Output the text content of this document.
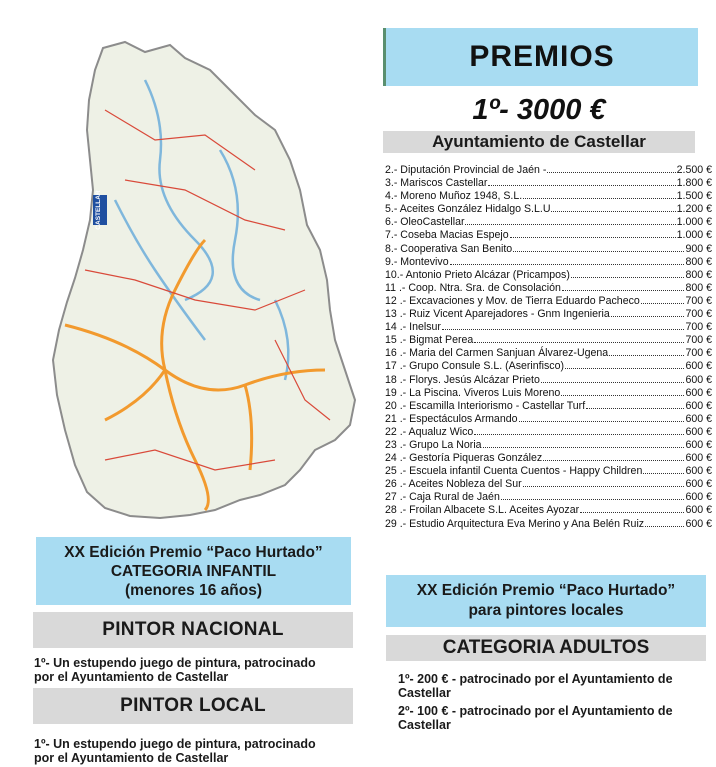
CASTELLAR
PREMIOS
1º- 3000 €
Ayuntamiento de Castellar
2.- Diputación Provincial de Jaén -	2.500 €
3.- Mariscos Castellar	1.800 €
4.- Moreno Muñoz 1948, S.L.	1.500 €
5.- Aceites González Hidalgo S.L.U	1.200 €
6.- OleoCastellar	1.000 €
7.- Coseba Macias Espejo	1.000 €
8.- Cooperativa San Benito	900 €
9.- Montevivo	800 €
10.- Antonio Prieto Alcázar (Pricampos)	800 €
11 .- Coop. Ntra. Sra. de Consolación	800 €
12 .- Excavaciones y Mov. de Tierra Eduardo Pacheco	700 €
13 .- Ruiz Vicent Aparejadores - Gnm Ingenieria	700 €
14 .- Inelsur	700 €
15 .- Bigmat Perea	700 €
16 .- Maria del Carmen Sanjuan Álvarez-Ugena	700 €
17 .- Grupo Consule S.L. (Aserinfisco)	600 €
18 .- Florys. Jesús Alcázar Prieto	600 €
19 .- La Piscina. Viveros Luis Moreno	600 €
20 .- Escamilla Interiorismo - Castellar Turf	600 €
21 .- Espectáculos Armando	600 €
22 .- Aqualuz Wico	600 €
23 .- Grupo La Noria	600 €
24 .- Gestoría Piqueras González	600 €
25 .- Escuela infantil Cuenta Cuentos - Happy Children	600 €
26 .- Aceites Nobleza del Sur	600 €
27 .- Caja Rural de Jaén	600 €
28 .- Froilan Albacete S.L. Aceites Ayozar	600 €
29 .- Estudio Arquitectura Eva Merino y Ana Belén Ruiz	600 €
XX Edición Premio “Paco Hurtado”
CATEGORIA INFANTIL
(menores 16 años)
PINTOR NACIONAL
1º- Un estupendo juego de pintura, patrocinado
por el Ayuntamiento de Castellar
PINTOR LOCAL
1º- Un estupendo juego de pintura, patrocinado
por el Ayuntamiento de Castellar
XX Edición Premio “Paco Hurtado”
para pintores locales
CATEGORIA ADULTOS
1º- 200 € - patrocinado por el Ayuntamiento de
Castellar
2º- 100 € - patrocinado por el Ayuntamiento de
Castellar
